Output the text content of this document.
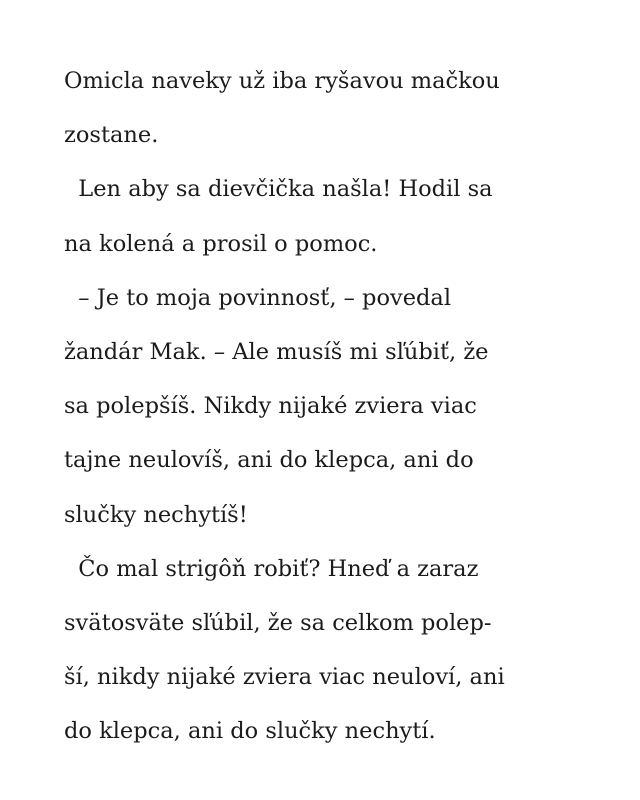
Omicla naveky už iba ryšavou mačkou
zostane.
Len aby sa dievčička našla! Hodil sa
na kolená a prosil o pomoc.
– Je to moja povinnosť, – povedal
žandár Mak. – Ale musíš mi sľúbiť, že
sa polepšíš. Nikdy nijaké zviera viac
tajne neulovíš, ani do klepca, ani do
slučky nechytíš!
Čo mal strigôň robiť? Hneď a zaraz
svätosväte sľúbil, že sa celkom polep-
ší, nikdy nijaké zviera viac neuloví, ani
do klepca, ani do slučky nechytí.
